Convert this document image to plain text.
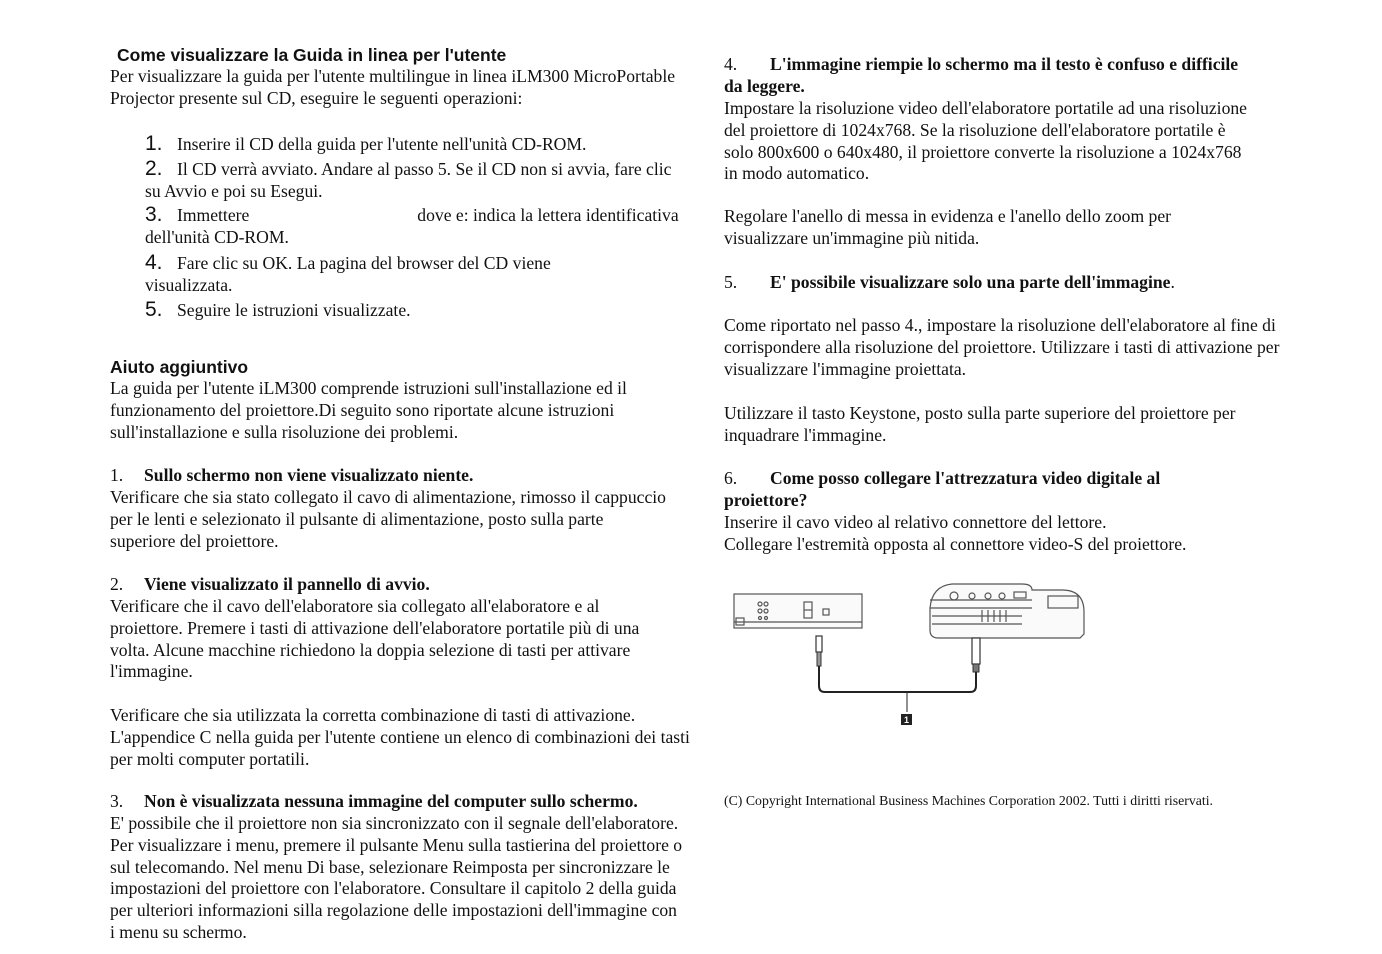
Come visualizzare la Guida in linea per l'utente
Per visualizzare la guida per l'utente multilingue in linea iLM300 MicroPortable Projector presente sul CD, eseguire le seguenti operazioni:
1. Inserire il CD della guida per l'utente nell'unità CD-ROM.
2. Il CD verrà avviato. Andare al passo 5. Se il CD non si avvia, fare clic su Avvio e poi su Esegui.
3. Immettere	dove e: indica la lettera identificativa dell'unità CD-ROM.
4. Fare clic su OK. La pagina del browser del CD viene visualizzata.
5. Seguire le istruzioni visualizzate.
Aiuto aggiuntivo
La guida per l'utente iLM300 comprende istruzioni sull'installazione ed il funzionamento del proiettore.Di seguito sono riportate alcune istruzioni sull'installazione e sulla risoluzione dei problemi.
1. Sullo schermo non viene visualizzato niente.
Verificare che sia stato collegato il cavo di alimentazione, rimosso il cappuccio per le lenti e selezionato il pulsante di alimentazione, posto sulla parte superiore del proiettore.
2. Viene visualizzato il pannello di avvio.
Verificare che il cavo dell'elaboratore sia collegato all'elaboratore e al proiettore. Premere i tasti di attivazione dell'elaboratore portatile più di una volta. Alcune macchine richiedono la doppia selezione di tasti per attivare l'immagine.
Verificare che sia utilizzata la corretta combinazione di tasti di attivazione. L'appendice C nella guida per l'utente contiene un elenco di combinazioni dei tasti per molti computer portatili.
3. Non è visualizzata nessuna immagine del computer sullo schermo.
E' possibile che il proiettore non sia sincronizzato con il segnale dell'elaboratore. Per visualizzare i menu, premere il pulsante Menu sulla tastierina del proiettore o sul telecomando. Nel menu Di base, selezionare Reimposta per sincronizzare le impostazioni del proiettore con l'elaboratore. Consultare il capitolo 2 della guida per ulteriori informazioni silla regolazione delle impostazioni dell'immagine con i menu su schermo.
4. L'immagine riempie lo schermo ma il testo è confuso e difficile da leggere.
Impostare la risoluzione video dell'elaboratore portatile ad una risoluzione del proiettore di 1024x768. Se la risoluzione dell'elaboratore portatile è solo 800x600 o 640x480, il proiettore converte la risoluzione a 1024x768 in modo automatico.
Regolare l'anello di messa in evidenza e l'anello dello zoom per visualizzare un'immagine più nitida.
5. E' possibile visualizzare solo una parte dell'immagine.
Come riportato nel passo 4., impostare la risoluzione dell'elaboratore al fine di corrispondere alla risoluzione del proiettore. Utilizzare i tasti di attivazione per visualizzare l'immagine proiettata.
Utilizzare il tasto Keystone, posto sulla parte superiore del proiettore per inquadrare l'immagine.
6. Come posso collegare l'attrezzatura video digitale al proiettore?
Inserire il cavo video al relativo connettore del lettore.
Collegare l'estremità opposta al connettore video-S del proiettore.
1
(C) Copyright International Business Machines Corporation 2002. Tutti i diritti riservati.
